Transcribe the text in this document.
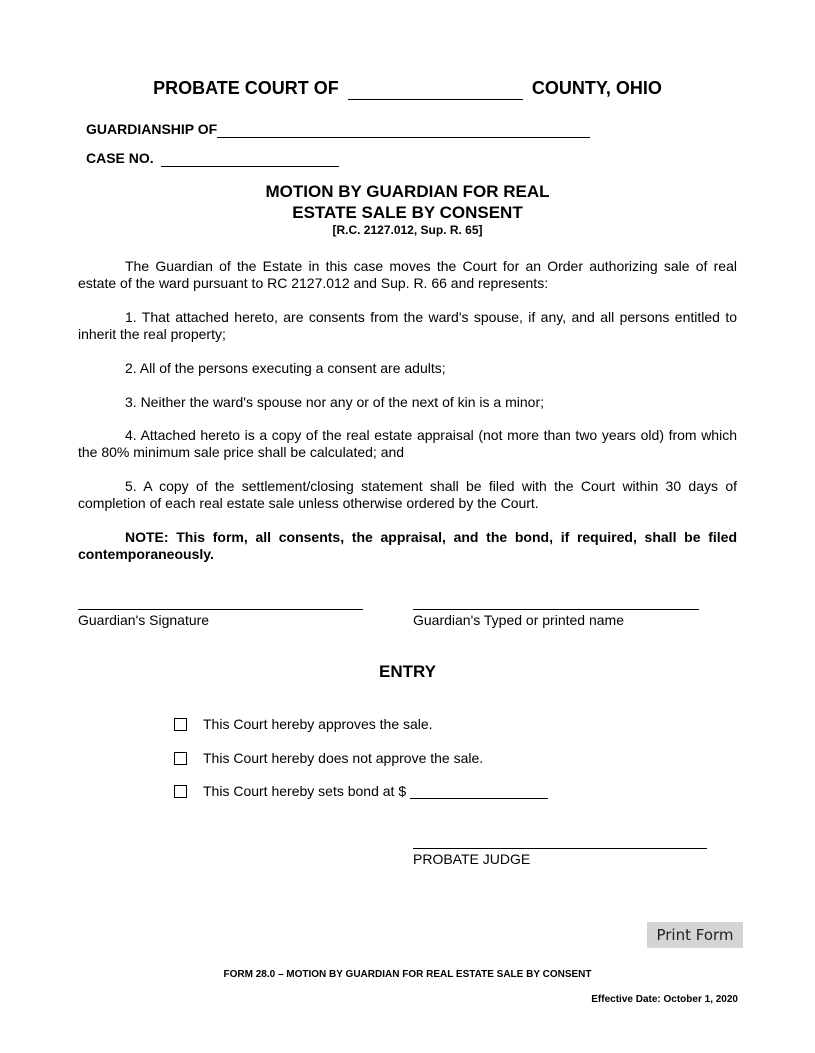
PROBATE COURT OF	COUNTY, OHIO
GUARDIANSHIP OF
CASE NO.
MOTION BY GUARDIAN FOR REAL
ESTATE SALE BY CONSENT
[R.C. 2127.012, Sup. R. 65]
The Guardian of the Estate in this case moves the Court for an Order authorizing sale of real estate of the ward pursuant to RC 2127.012 and Sup. R. 66 and represents:
1. That attached hereto, are consents from the ward's spouse, if any, and all persons entitled to inherit the real property;
2. All of the persons executing a consent are adults;
3. Neither the ward's spouse nor any or of the next of kin is a minor;
4. Attached hereto is a copy of the real estate appraisal (not more than two years old) from which the 80% minimum sale price shall be calculated; and
5. A copy of the settlement/closing statement shall be filed with the Court within 30 days of completion of each real estate sale unless otherwise ordered by the Court.
NOTE: This form, all consents, the appraisal, and the bond, if required, shall be filed contemporaneously.
Guardian's Signature	Guardian's Typed or printed name
ENTRY
This Court hereby approves the sale.
This Court hereby does not approve the sale.
This Court hereby sets bond at $
PROBATE JUDGE
Print Form
FORM 28.0 – MOTION BY GUARDIAN FOR REAL ESTATE SALE BY CONSENT
Effective Date: October 1, 2020
